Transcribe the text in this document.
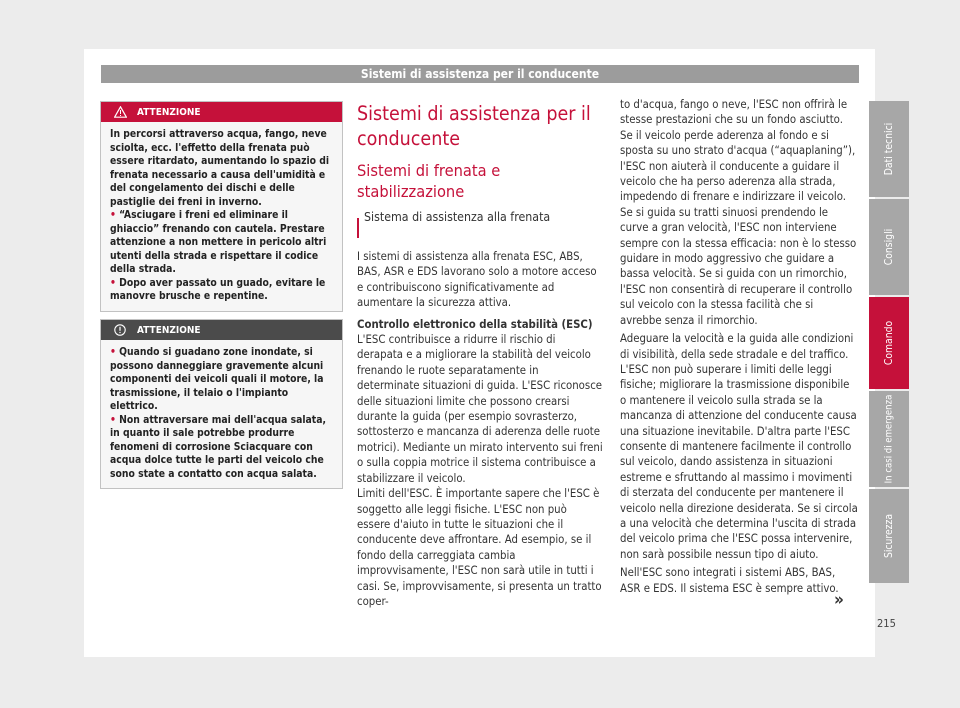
Sistemi di assistenza per il conducente
ATTENZIONE

In percorsi attraverso acqua, fango, neve sciolta, ecc. l'effetto della frenata può essere ritardato, aumentando lo spazio di frenata necessario a causa dell'umidità e del congelamento dei dischi e delle pastiglie dei freni in inverno.

• “Asciugare i freni ed eliminare il ghiaccio” frenando con cautela. Prestare attenzione a non mettere in pericolo altri utenti della strada e rispettare il codice della strada.

• Dopo aver passato un guado, evitare le manovre brusche e repentine.

ATTENZIONE

• Quando si guadano zone inondate, si possono danneggiare gravemente alcuni componenti dei veicoli quali il motore, la trasmissione, il telaio o l'impianto elettrico.

• Non attraversare mai dell'acqua salata, in quanto il sale potrebbe produrre fenomeni di corrosione Sciacquare con acqua dolce tutte le parti del veicolo che sono state a contatto con acqua salata.

Sistemi di assistenza per il conducente

Sistemi di frenata e stabilizzazione

Sistema di assistenza alla frenata

I sistemi di assistenza alla frenata ESC, ABS, BAS, ASR e EDS lavorano solo a motore acceso e contribuiscono significativamente ad aumentare la sicurezza attiva.

Controllo elettronico della stabilità (ESC)

L'ESC contribuisce a ridurre il rischio di derapata e a migliorare la stabilità del veicolo frenando le ruote separatamente in determinate situazioni di guida. L'ESC riconosce delle situazioni limite che possono crearsi durante la guida (per esempio sovrasterzo, sottosterzo e mancanza di aderenza delle ruote motrici). Mediante un mirato intervento sui freni o sulla coppia motrice il sistema contribuisce a stabilizzare il veicolo.

Limiti dell'ESC. È importante sapere che l'ESC è soggetto alle leggi fisiche. L'ESC non può essere d'aiuto in tutte le situazioni che il conducente deve affrontare. Ad esempio, se il fondo della carreggiata cambia improvvisamente, l'ESC non sarà utile in tutti i casi. Se, improvvisamente, si presenta un tratto coper-

to d'acqua, fango o neve, l'ESC non offrirà le stesse prestazioni che su un fondo asciutto. Se il veicolo perde aderenza al fondo e si sposta su uno strato d'acqua (“aquaplaning”), l'ESC non aiuterà il conducente a guidare il veicolo che ha perso aderenza alla strada, impedendo di frenare e indirizzare il veicolo. Se si guida su tratti sinuosi prendendo le curve a gran velocità, l'ESC non interviene sempre con la stessa efficacia: non è lo stesso guidare in modo aggressivo che guidare a bassa velocità. Se si guida con un rimorchio, l'ESC non consentirà di recuperare il controllo sul veicolo con la stessa facilità che si avrebbe senza il rimorchio.

Adeguare la velocità e la guida alle condizioni di visibilità, della sede stradale e del traffico. L'ESC non può superare i limiti delle leggi fisiche; migliorare la trasmissione disponibile o mantenere il veicolo sulla strada se la mancanza di attenzione del conducente causa una situazione inevitabile. D'altra parte l'ESC consente di mantenere facilmente il controllo sul veicolo, dando assistenza in situazioni estreme e sfruttando al massimo i movimenti di sterzata del conducente per mantenere il veicolo nella direzione desiderata. Se si circola a una velocità che determina l'uscita di strada del veicolo prima che l'ESC possa intervenire, non sarà possibile nessun tipo di aiuto.

Nell'ESC sono integrati i sistemi ABS, BAS, ASR e EDS. Il sistema ESC è sempre attivo.

»
Dati tecnici
Consigli
Comando
In casi di emergenza
Sicurezza
215
